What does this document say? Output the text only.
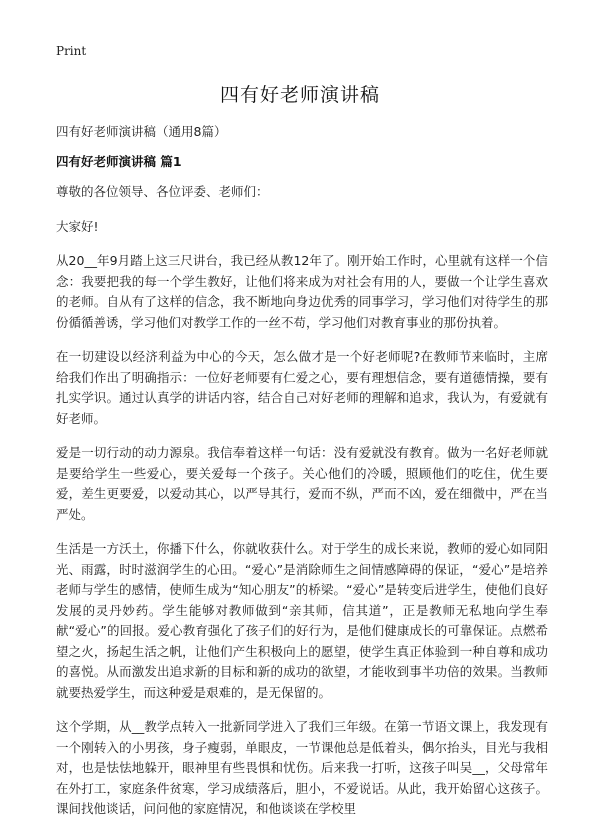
Print
四有好老师演讲稿
四有好老师演讲稿（通用8篇）
四有好老师演讲稿 篇1

尊敬的各位领导、各位评委、老师们：

大家好!

从20__年9月踏上这三尺讲台，我已经从教12年了。刚开始工作时，心里就有这样一个信念：我要把我的每一个学生教好，让他们将来成为对社会有用的人，要做一个让学生喜欢的老师。自从有了这样的信念，我不断地向身边优秀的同事学习，学习他们对待学生的那份循循善诱，学习他们对教学工作的一丝不苟，学习他们对教育事业的那份执着。

在一切建设以经济利益为中心的今天，怎么做才是一个好老师呢?在教师节来临时，主席给我们作出了明确指示：一位好老师要有仁爱之心，要有理想信念，要有道德情操，要有扎实学识。通过认真学的讲话内容，结合自己对好老师的理解和追求，我认为，有爱就有好老师。

爱是一切行动的动力源泉。我信奉着这样一句话：没有爱就没有教育。做为一名好老师就是要给学生一些爱心，要关爱每一个孩子。关心他们的冷暖，照顾他们的吃住，优生要爱，差生更要爱，以爱动其心，以严导其行，爱而不纵，严而不凶，爱在细微中，严在当严处。

生活是一方沃土，你播下什么，你就收获什么。对于学生的成长来说，教师的爱心如同阳光、雨露，时时滋润学生的心田。“爱心”是消除师生之间情感障碍的保证，“爱心”是培养老师与学生的感情，使师生成为“知心朋友”的桥梁。“爱心”是转变后进学生，使他们良好发展的灵丹妙药。学生能够对教师做到“亲其师，信其道”，正是教师无私地向学生奉献“爱心”的回报。爱心教育强化了孩子们的好行为，是他们健康成长的可靠保证。点燃希望之火，扬起生活之帆，让他们产生积极向上的愿望，使学生真正体验到一种自尊和成功的喜悦。从而激发出追求新的目标和新的成功的欲望，才能收到事半功倍的效果。当教师就要热爱学生，而这种爱是艰难的，是无保留的。

这个学期，从__教学点转入一批新同学进入了我们三年级。在第一节语文课上，我发现有一个刚转入的小男孩，身子瘦弱，单眼皮，一节课他总是低着头，偶尔抬头，目光与我相对，也是怯怯地躲开，眼神里有些畏惧和忧伤。后来我一打听，这孩子叫吴__，父母常年在外打工，家庭条件贫寒，学习成绩落后，胆小，不爱说话。从此，我开始留心这孩子。课间找他谈话，问问他的家庭情况，和他谈谈在学校里
